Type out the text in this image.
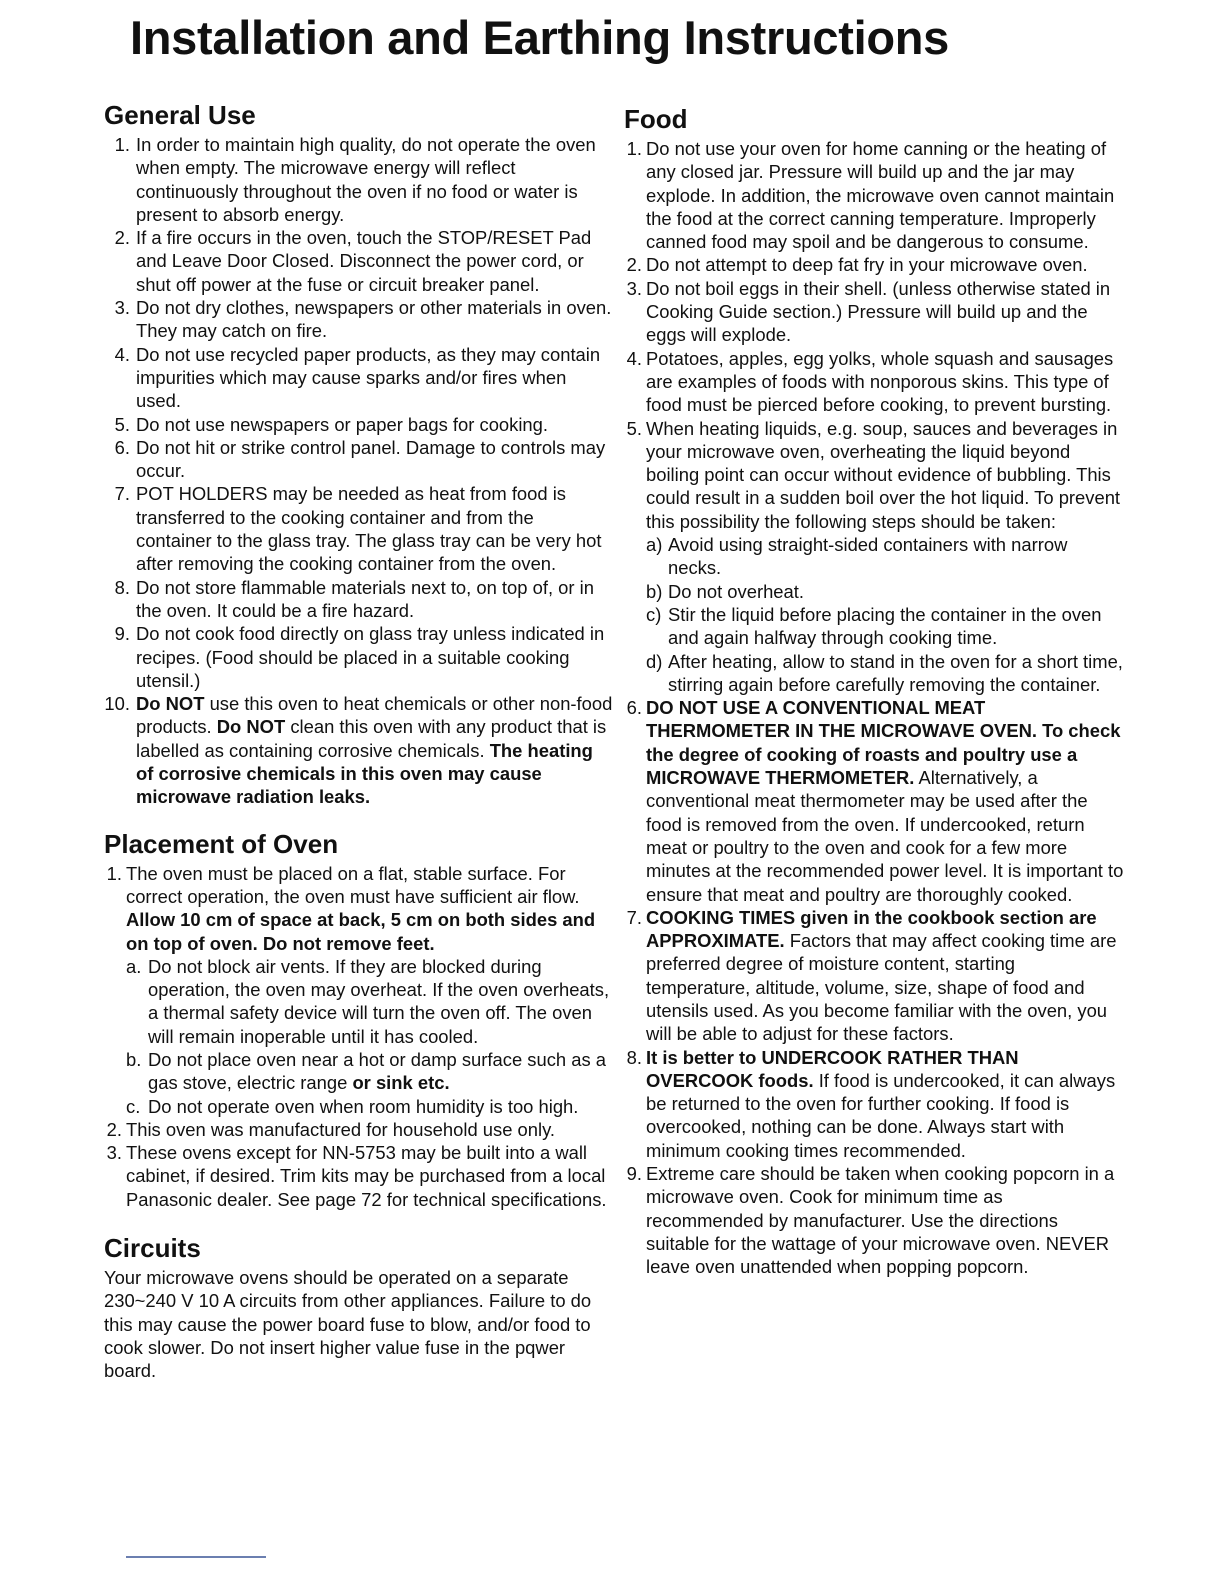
Installation and Earthing Instructions
General Use
1. In order to maintain high quality, do not operate the oven when empty. The microwave energy will reflect continuously throughout the oven if no food or water is present to absorb energy.
2. If a fire occurs in the oven, touch the STOP/RESET Pad and Leave Door Closed. Disconnect the power cord, or shut off power at the fuse or circuit breaker panel.
3. Do not dry clothes, newspapers or other materials in oven. They may catch on fire.
4. Do not use recycled paper products, as they may contain impurities which may cause sparks and/or fires when used.
5. Do not use newspapers or paper bags for cooking.
6. Do not hit or strike control panel. Damage to controls may occur.
7. POT HOLDERS may be needed as heat from food is transferred to the cooking container and from the container to the glass tray. The glass tray can be very hot after removing the cooking container from the oven.
8. Do not store flammable materials next to, on top of, or in the oven. It could be a fire hazard.
9. Do not cook food directly on glass tray unless indicated in recipes. (Food should be placed in a suitable cooking utensil.)
10. Do NOT use this oven to heat chemicals or other non-food products. Do NOT clean this oven with any product that is labelled as containing corrosive chemicals. The heating of corrosive chemicals in this oven may cause microwave radiation leaks.
Placement of Oven
1. The oven must be placed on a flat, stable surface. For correct operation, the oven must have sufficient air flow. Allow 10 cm of space at back, 5 cm on both sides and on top of oven. Do not remove feet.
a. Do not block air vents. If they are blocked during operation, the oven may overheat. If the oven overheats, a thermal safety device will turn the oven off. The oven will remain inoperable until it has cooled.
b. Do not place oven near a hot or damp surface such as a gas stove, electric range or sink etc.
c. Do not operate oven when room humidity is too high.
2. This oven was manufactured for household use only.
3. These ovens except for NN-5753 may be built into a wall cabinet, if desired. Trim kits may be purchased from a local Panasonic dealer. See page 72 for technical specifications.
Circuits

Your microwave ovens should be operated on a separate 230~240 V 10 A circuits from other appliances. Failure to do this may cause the power board fuse to blow, and/or food to cook slower. Do not insert higher value fuse in the pqwer board.

Food
1. Do not use your oven for home canning or the heating of any closed jar. Pressure will build up and the jar may explode. In addition, the microwave oven cannot maintain the food at the correct canning temperature. Improperly canned food may spoil and be dangerous to consume.
2. Do not attempt to deep fat fry in your microwave oven.
3. Do not boil eggs in their shell. (unless otherwise stated in Cooking Guide section.) Pressure will build up and the eggs will explode.
4. Potatoes, apples, egg yolks, whole squash and sausages are examples of foods with nonporous skins. This type of food must be pierced before cooking, to prevent bursting.
5. When heating liquids, e.g. soup, sauces and beverages in your microwave oven, overheating the liquid beyond boiling point can occur without evidence of bubbling. This could result in a sudden boil over the hot liquid. To prevent this possibility the following steps should be taken:
a) Avoid using straight-sided containers with narrow necks.
b) Do not overheat.
c) Stir the liquid before placing the container in the oven and again halfway through cooking time.
d) After heating, allow to stand in the oven for a short time, stirring again before carefully removing the container.
6. DO NOT USE A CONVENTIONAL MEAT THERMOMETER IN THE MICROWAVE OVEN. To check the degree of cooking of roasts and poultry use a MICROWAVE THERMOMETER. Alternatively, a conventional meat thermometer may be used after the food is removed from the oven. If undercooked, return meat or poultry to the oven and cook for a few more minutes at the recommended power level. It is important to ensure that meat and poultry are thoroughly cooked.
7. COOKING TIMES given in the cookbook section are APPROXIMATE. Factors that may affect cooking time are preferred degree of moisture content, starting temperature, altitude, volume, size, shape of food and utensils used. As you become familiar with the oven, you will be able to adjust for these factors.
8. It is better to UNDERCOOK RATHER THAN OVERCOOK foods. If food is undercooked, it can always be returned to the oven for further cooking. If food is overcooked, nothing can be done. Always start with minimum cooking times recommended.
9. Extreme care should be taken when cooking popcorn in a microwave oven. Cook for minimum time as recommended by manufacturer. Use the directions suitable for the wattage of your microwave oven. NEVER leave oven unattended when popping popcorn.
